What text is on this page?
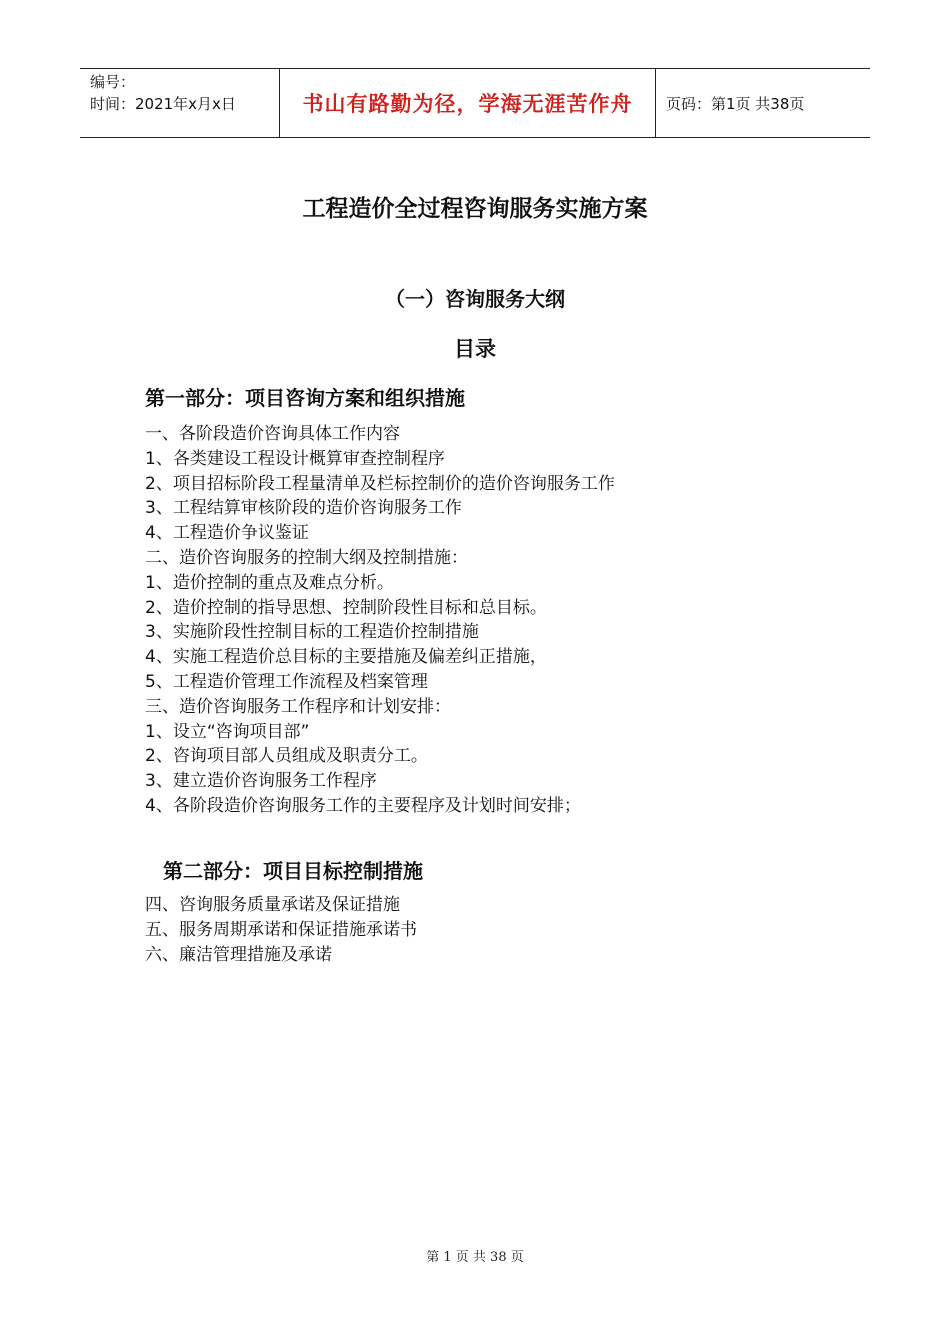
编号：
时间：2021年x月x日	书山有路勤为径，学海无涯苦作舟	页码：第1页 共38页
工程造价全过程咨询服务实施方案
（一）咨询服务大纲
目录
第一部分：项目咨询方案和组织措施
一、各阶段造价咨询具体工作内容
1、各类建设工程设计概算审查控制程序
2、项目招标阶段工程量清单及栏标控制价的造价咨询服务工作
3、工程结算审核阶段的造价咨询服务工作
4、工程造价争议鉴证
二、造价咨询服务的控制大纲及控制措施：
1、造价控制的重点及难点分析。
2、造价控制的指导思想、控制阶段性目标和总目标。
3、实施阶段性控制目标的工程造价控制措施
4、实施工程造价总目标的主要措施及偏差纠正措施，
5、工程造价管理工作流程及档案管理
三、造价咨询服务工作程序和计划安排：
1、设立“咨询项目部”
2、咨询项目部人员组成及职责分工。
3、建立造价咨询服务工作程序
4、各阶段造价咨询服务工作的主要程序及计划时间安排；
第二部分：项目目标控制措施
四、咨询服务质量承诺及保证措施
五、服务周期承诺和保证措施承诺书
六、廉洁管理措施及承诺
第 1 页 共 38 页
